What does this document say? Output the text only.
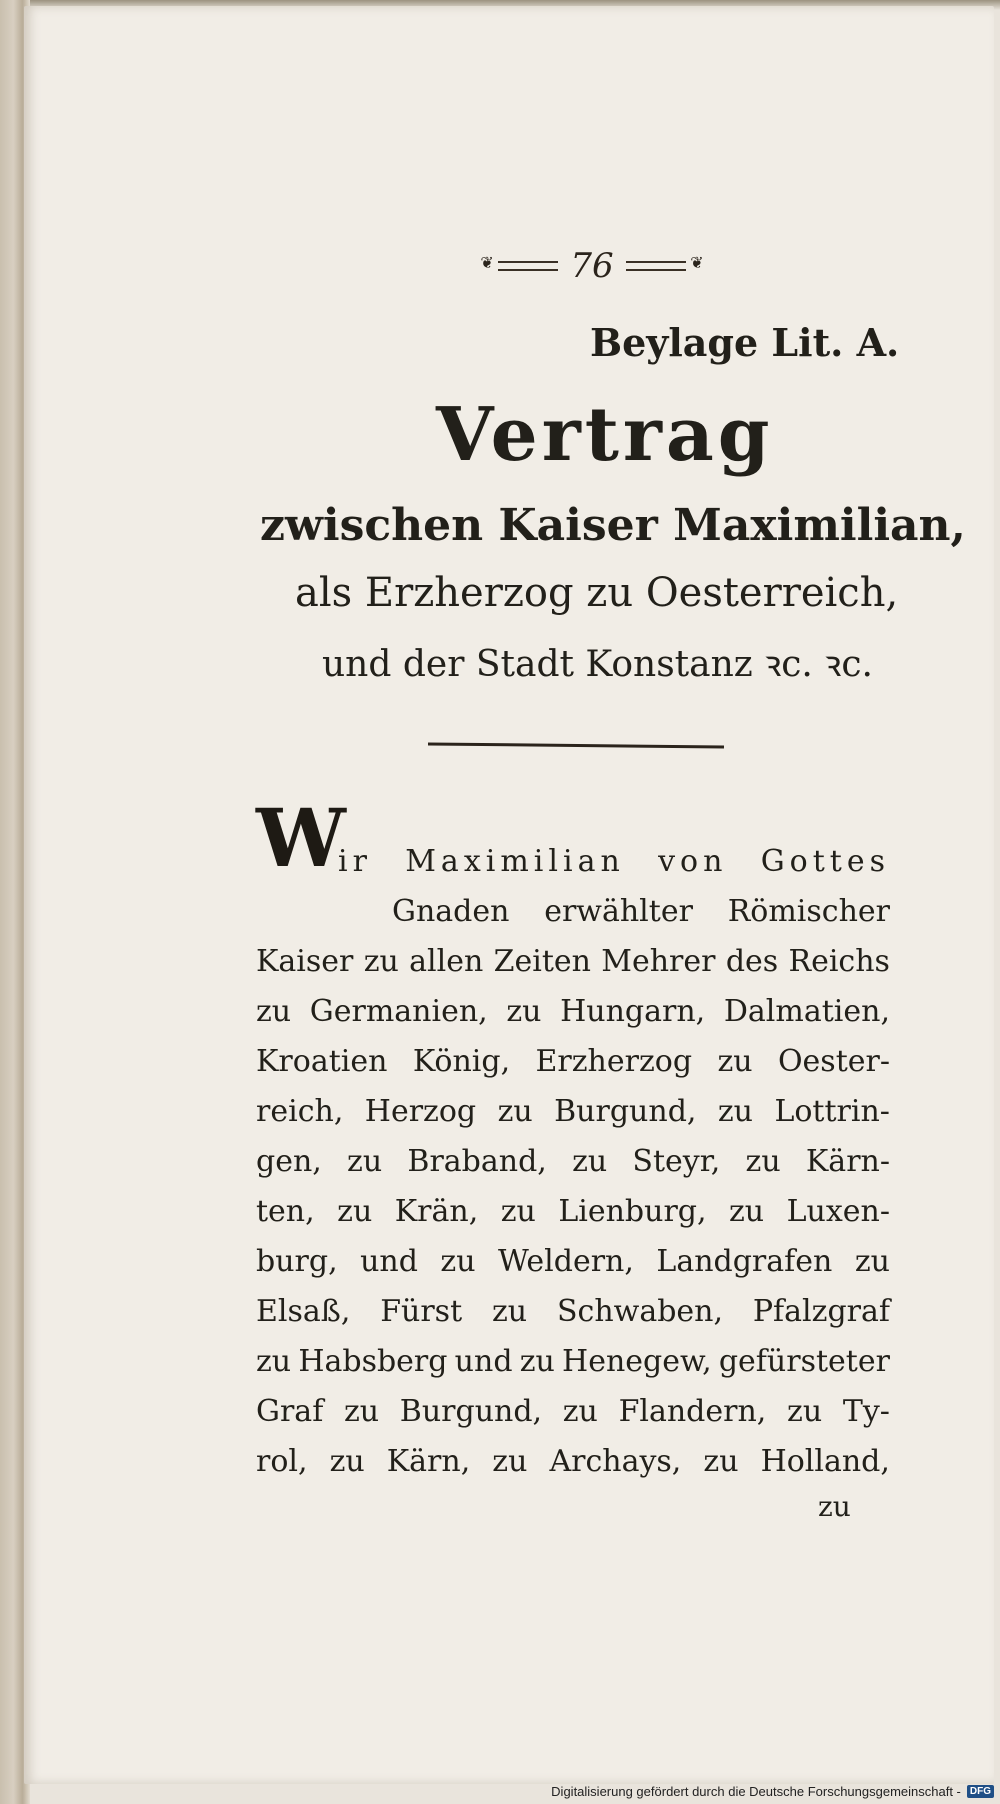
❦
76
❦
Beylage Lit. A.
Vertrag
zwischen Kaiser Maximilian,
als Erzherzog zu Oesterreich,
und der Stadt Konstanz ꝛc. ꝛc.
W
ir Maximilian von Gottes
Gnaden erwählter Römischer
Kaiser zu allen Zeiten Mehrer des Reichs
zu Germanien, zu Hungarn, Dalmatien,
Kroatien König, Erzherzog zu Oester-
reich, Herzog zu Burgund, zu Lottrin-
gen, zu Braband, zu Steyr, zu Kärn-
ten, zu Krän, zu Lienburg, zu Luxen-
burg, und zu Weldern, Landgrafen zu
Elsaß, Fürst zu Schwaben, Pfalzgraf
zu Habsberg und zu Henegew, gefürsteter
Graf zu Burgund, zu Flandern, zu Ty-
rol, zu Kärn, zu Archays, zu Holland,
zu
Digitalisierung gefördert durch die Deutsche Forschungsgemeinschaft - DFG
